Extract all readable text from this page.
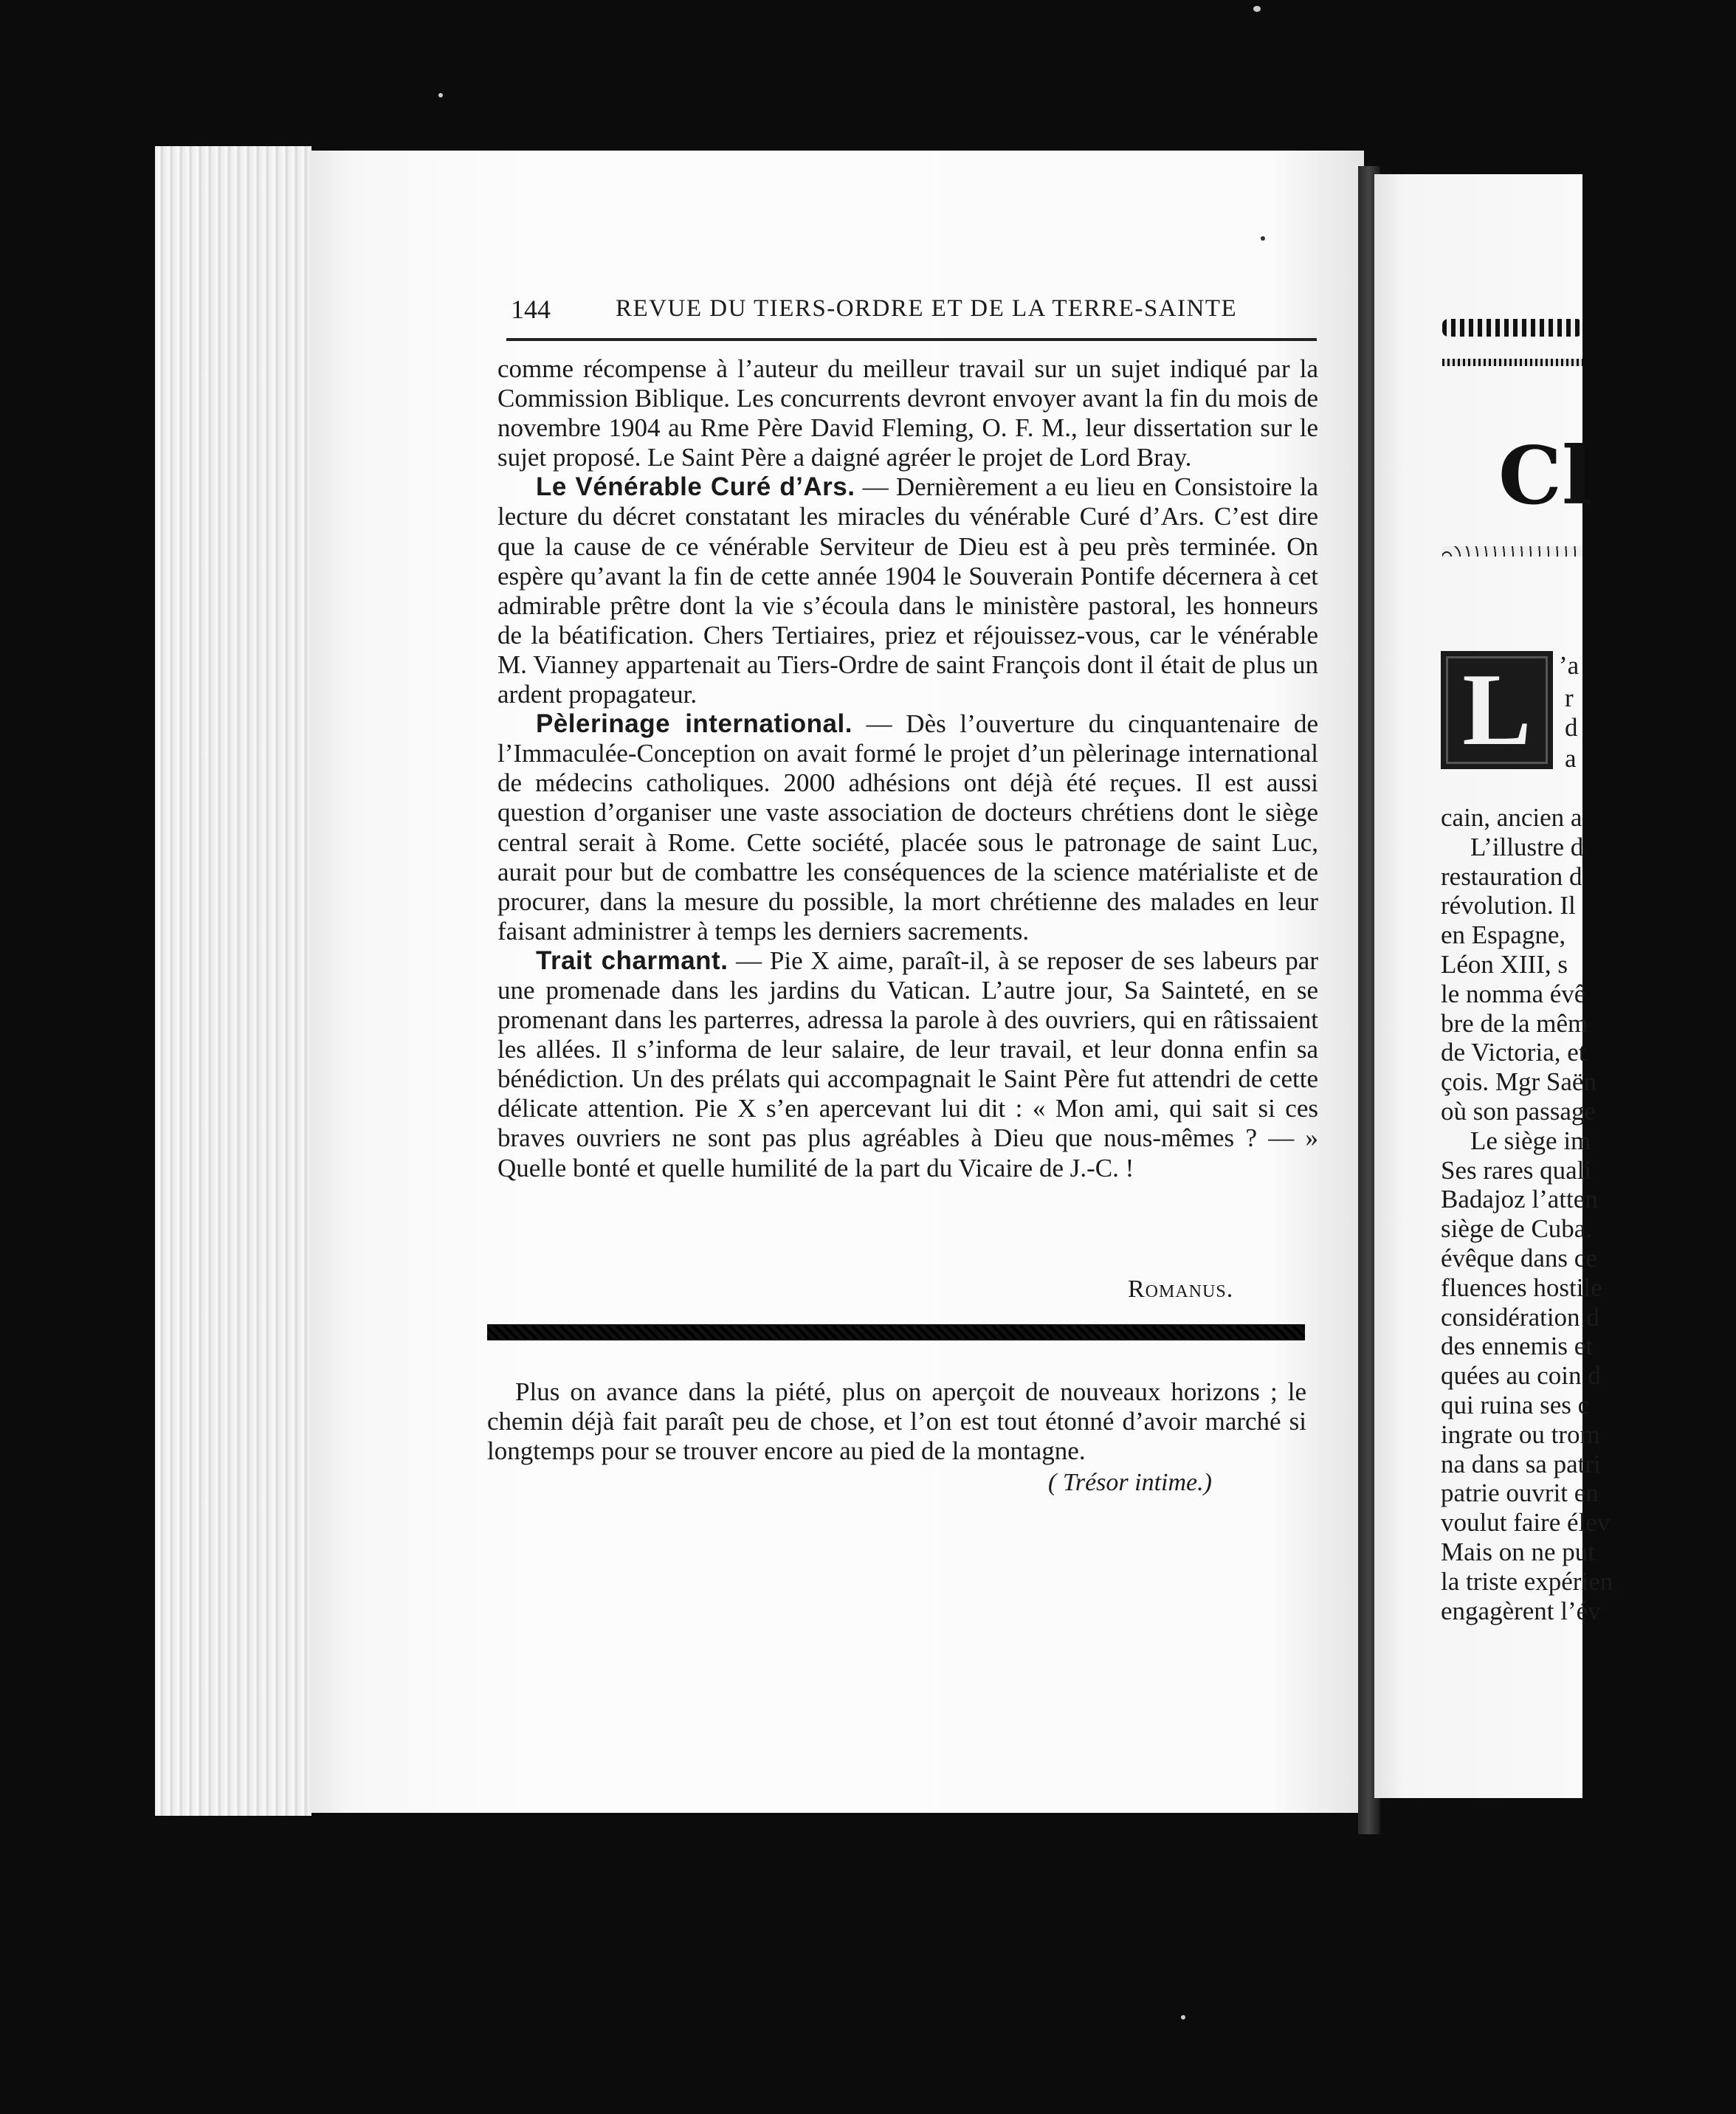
144	REVUE DU TIERS-ORDRE ET DE LA TERRE-SAINTE

comme récompense à l’auteur du meilleur travail sur un sujet indiqué par la Commission Biblique. Les concurrents devront envoyer avant la fin du mois de novembre 1904 au Rme Père David Fleming, O. F. M., leur dissertation sur le sujet proposé. Le Saint Père a daigné agréer le projet de Lord Bray.

Le Vénérable Curé d’Ars. — Dernièrement a eu lieu en Consistoire la lecture du décret constatant les miracles du vénérable Curé d’Ars. C’est dire que la cause de ce vénérable Serviteur de Dieu est à peu près terminée. On espère qu’avant la fin de cette année 1904 le Souverain Pontife décernera à cet admirable prêtre dont la vie s’écoula dans le ministère pastoral, les honneurs de la béatification. Chers Tertiaires, priez et réjouissez-vous, car le vénérable M. Vianney appartenait au Tiers-Ordre de saint François dont il était de plus un ardent propagateur.

Pèlerinage international. — Dès l’ouverture du cinquantenaire de l’Immaculée-Conception on avait formé le projet d’un pèlerinage international de médecins catholiques. 2000 adhésions ont déjà été reçues. Il est aussi question d’organiser une vaste association de docteurs chrétiens dont le siège central serait à Rome. Cette société, placée sous le patronage de saint Luc, aurait pour but de combattre les conséquences de la science matérialiste et de procurer, dans la mesure du possible, la mort chrétienne des malades en leur faisant administrer à temps les derniers sacrements.

Trait charmant. — Pie X aime, paraît-il, à se reposer de ses labeurs par une promenade dans les jardins du Vatican. L’autre jour, Sa Sainteté, en se promenant dans les parterres, adressa la parole à des ouvriers, qui en râtissaient les allées. Il s’informa de leur salaire, de leur travail, et leur donna enfin sa bénédiction. Un des prélats qui accompagnait le Saint Père fut attendri de cette délicate attention. Pie X s’en apercevant lui dit : « Mon ami, qui sait si ces braves ouvriers ne sont pas plus agréables à Dieu que nous-mêmes ? — » Quelle bonté et quelle humilité de la part du Vicaire de J.-C. !

Romanus.

Plus on avance dans la piété, plus on aperçoit de nouveaux horizons ; le chemin déjà fait paraît peu de chose, et l’on est tout étonné d’avoir marché si longtemps pour se trouver encore au pied de la montagne.

( Trésor intime.)
Cl
L	’a
r
d
a
cain, ancien a
L’illustre d
restauration d
révolution. Il
en Espagne,
Léon XIII, s
le nomma évê
bre de la mêm
de Victoria, et
çois. Mgr Saën
où son passage
Le siège im
Ses rares quali
Badajoz l’atten
siège de Cuba.
évêque dans ce
fluences hostile
considération d
des ennemis et
quées au coin d
qui ruina ses c
ingrate ou trom
na dans sa patri
patrie ouvrit en
voulut faire élev
Mais on ne put
la triste expérien
engagèrent l’év
